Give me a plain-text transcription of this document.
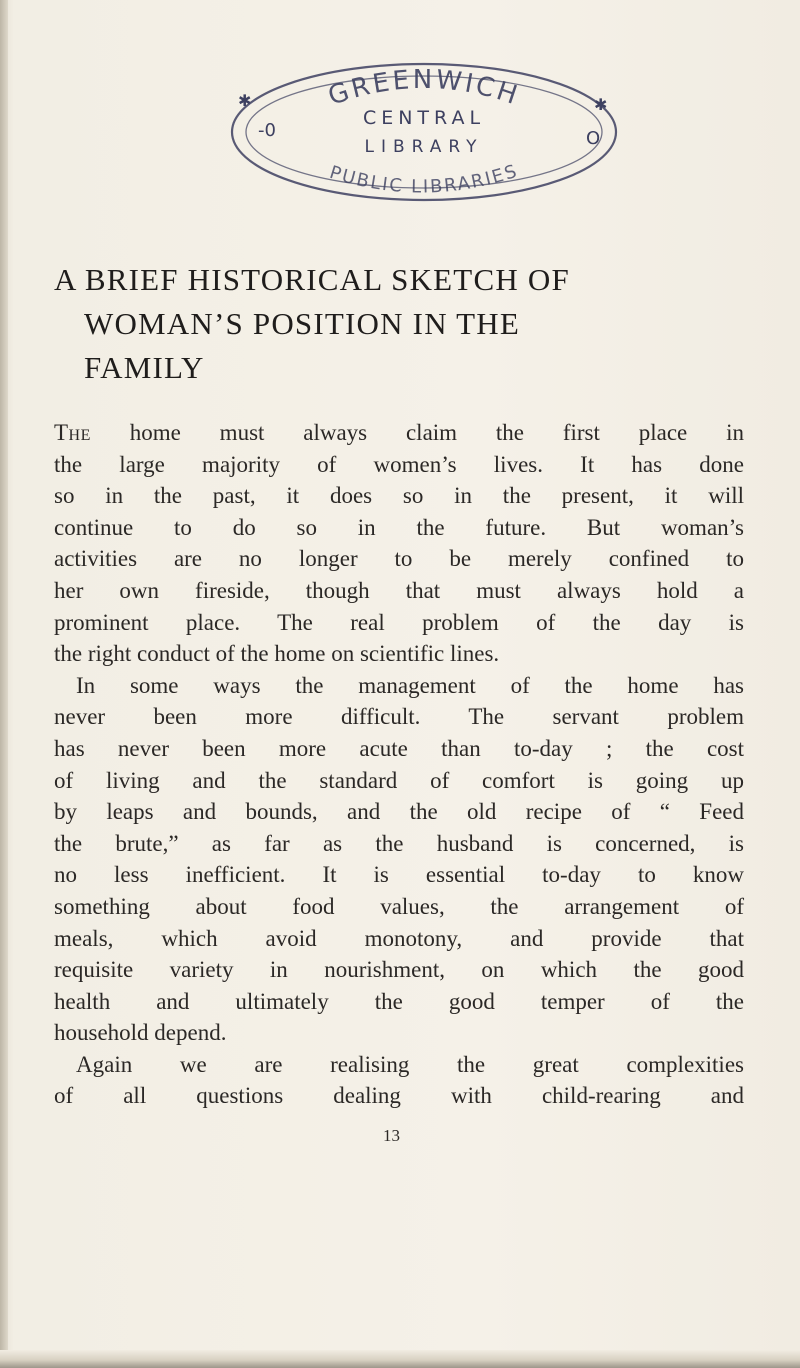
✱	✱
GREENWICH
PUBLIC LIBRARIES
CENTRAL
LIBRARY
-0	O
A BRIEF HISTORICAL SKETCH OF
WOMAN’S POSITION IN THE
FAMILY
The home must always claim the first place in
the large majority of women’s lives. It has done
so in the past, it does so in the present, it will
continue to do so in the future. But woman’s
activities are no longer to be merely confined to
her own fireside, though that must always hold a
prominent place. The real problem of the day is
the right conduct of the home on scientific lines.
In some ways the management of the home has
never been more difficult. The servant problem
has never been more acute than to-day ; the cost
of living and the standard of comfort is going up
by leaps and bounds, and the old recipe of “ Feed
the brute,” as far as the husband is concerned, is
no less inefficient. It is essential to-day to know
something about food values, the arrangement of
meals, which avoid monotony, and provide that
requisite variety in nourishment, on which the good
health and ultimately the good temper of the
household depend.
Again we are realising the great complexities
of all questions dealing with child-rearing and
13
